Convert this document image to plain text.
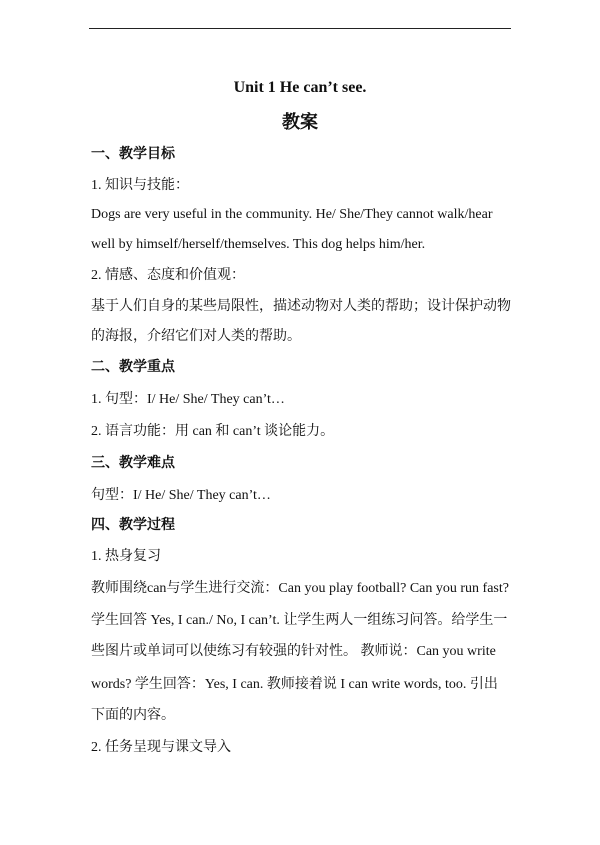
Unit 1 He can’t see.
教案
一、教学目标
1. 知识与技能：
Dogs are very useful in the community. He/ She/They cannot walk/hear
well by himself/herself/themselves. This dog helps him/her.
2. 情感、态度和价值观：
基于人们自身的某些局限性，描述动物对人类的帮助；设计保护动物
的海报，介绍它们对人类的帮助。
二、教学重点
1. 句型：I/ He/ She/ They can’t…
2. 语言功能：用 can 和 can’t 谈论能力。
三、教学难点
句型：I/ He/ She/ They can’t…
四、教学过程
1. 热身复习
教师围绕can与学生进行交流：Can you play football? Can you run fast?
学生回答 Yes, I can./ No, I can’t. 让学生两人一组练习问答。给学生一
些图片或单词可以使练习有较强的针对性。 教师说：Can you write
words? 学生回答：Yes, I can. 教师接着说 I can write words, too. 引出
下面的内容。
2. 任务呈现与课文导入
